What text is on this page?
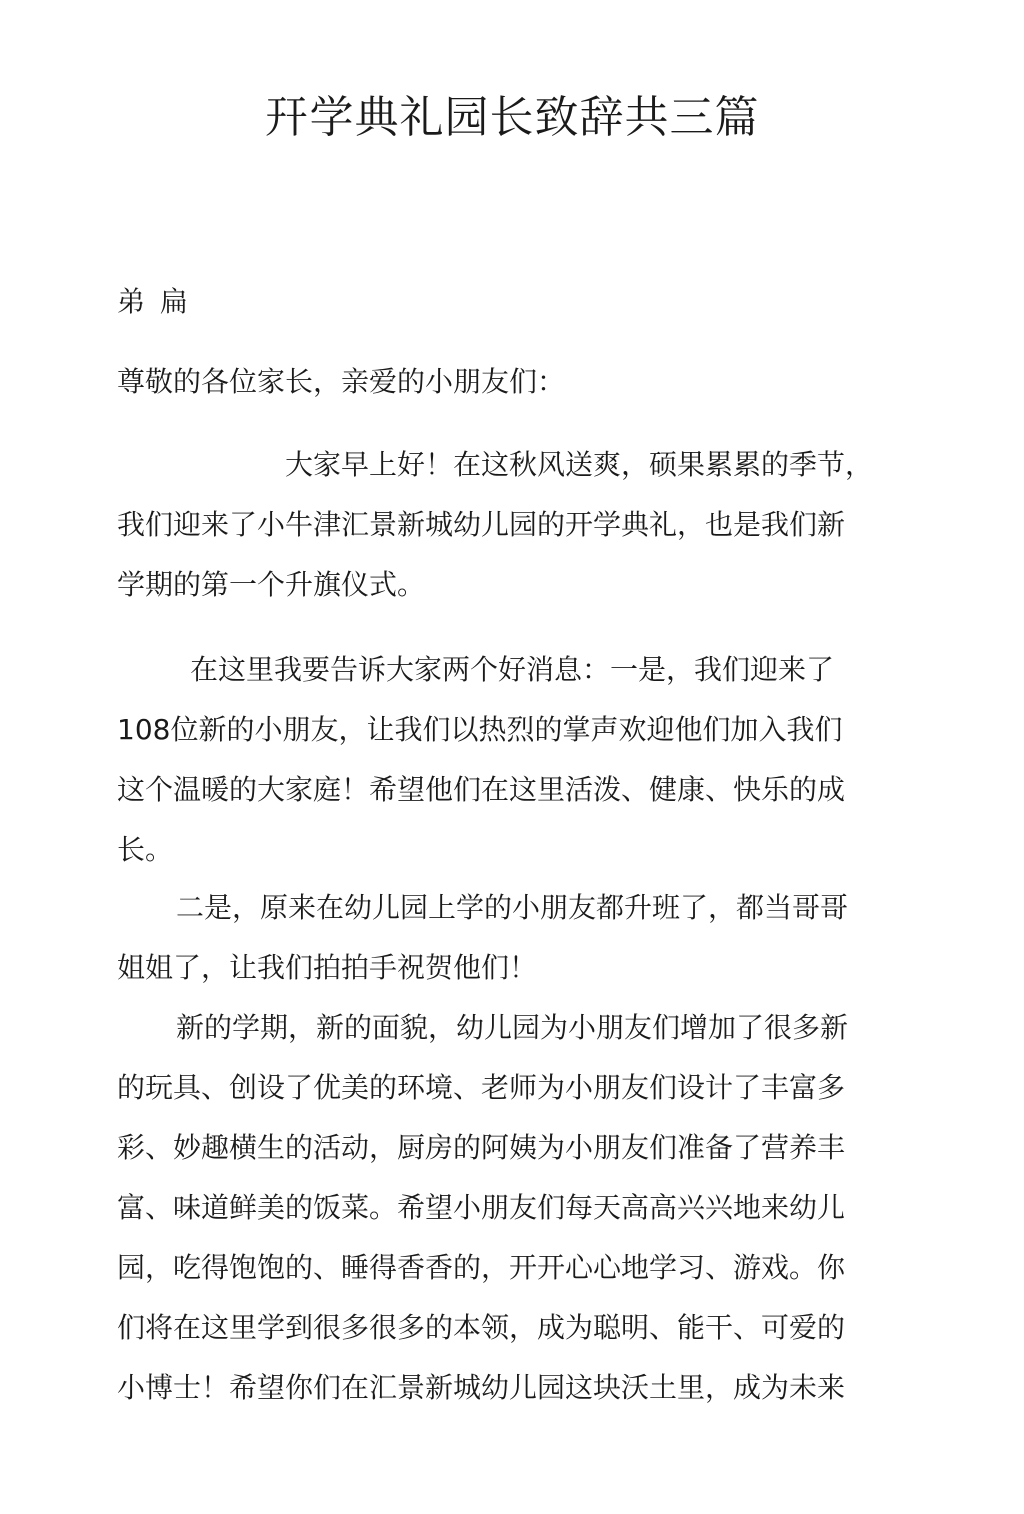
幵学典礼园长致辞共三篇

弟 扁

尊敬的各位家长，亲爱的小朋友们：

大家早上好！在这秋风送爽，硕果累累的季节，

我们迎来了小牛津汇景新城幼儿园的开学典礼，也是我们新

学期的第一个升旗仪式。

在这里我要告诉大家两个好消息：一是，我们迎来了

108位新的小朋友，让我们以热烈的掌声欢迎他们加入我们

这个温暖的大家庭！希望他们在这里活泼、健康、快乐的成

长。

二是，原来在幼儿园上学的小朋友都升班了，都当哥哥

姐姐了，让我们拍拍手祝贺他们！

新的学期，新的面貌，幼儿园为小朋友们增加了很多新

的玩具、创设了优美的环境、老师为小朋友们设计了丰富多

彩、妙趣横生的活动，厨房的阿姨为小朋友们准备了营养丰

富、味道鲜美的饭菜。希望小朋友们每天高高兴兴地来幼儿

园，吃得饱饱的、睡得香香的，开开心心地学习、游戏。你

们将在这里学到很多很多的本领，成为聪明、能干、可爱的

小博士！希望你们在汇景新城幼儿园这块沃土里，成为未来
